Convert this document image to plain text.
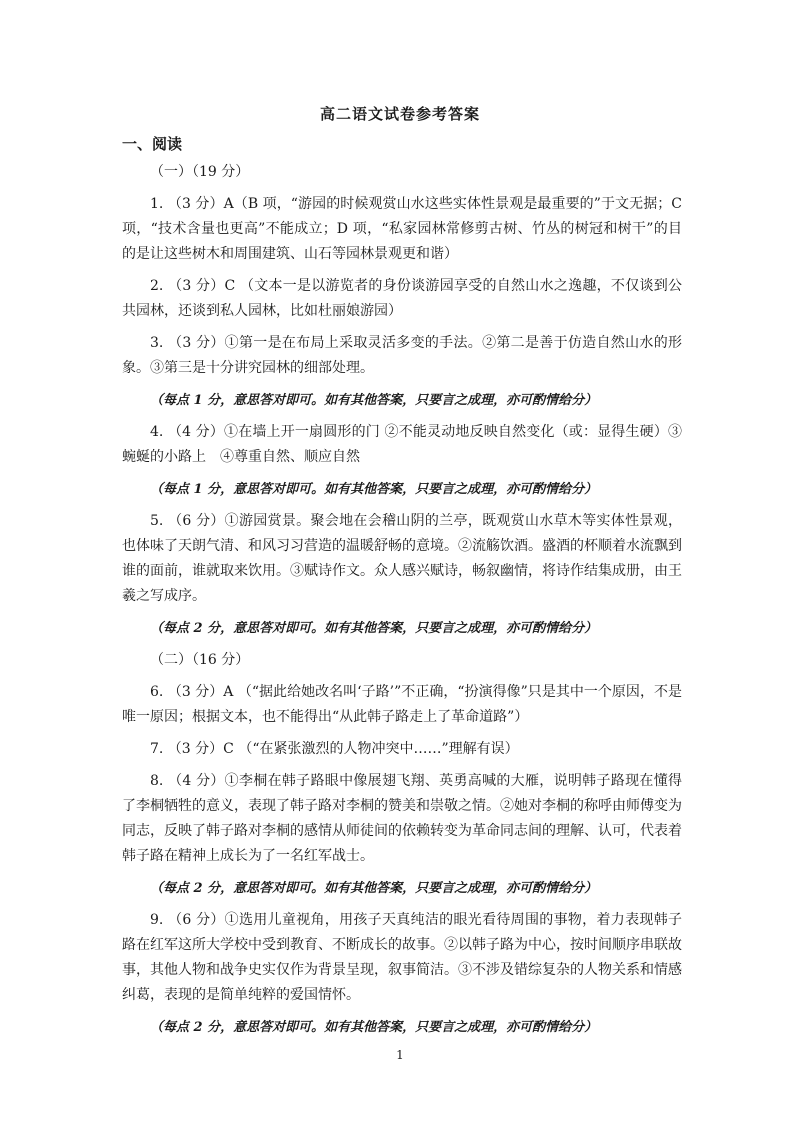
高二语文试卷参考答案
一、阅读

（一）（19 分）

1. （3 分）A（B 项，“游园的时候观赏山水这些实体性景观是最重要的”于文无据；C 项，“技术含量也更高”不能成立；D 项，“私家园林常修剪古树、竹丛的树冠和树干”的目的是让这些树木和周围建筑、山石等园林景观更和谐）

2. （3 分）C （文本一是以游览者的身份谈游园享受的自然山水之逸趣，不仅谈到公共园林，还谈到私人园林，比如杜丽娘游园）

3. （3 分）①第一是在布局上采取灵活多变的手法。②第二是善于仿造自然山水的形象。③第三是十分讲究园林的细部处理。

（每点 1 分，意思答对即可。如有其他答案，只要言之成理，亦可酌情给分）

4. （4 分）①在墙上开一扇圆形的门 ②不能灵动地反映自然变化（或：显得生硬）③蜿蜒的小路上　④尊重自然、顺应自然

（每点 1 分，意思答对即可。如有其他答案，只要言之成理，亦可酌情给分）

5. （6 分）①游园赏景。聚会地在会稽山阴的兰亭，既观赏山水草木等实体性景观，也体味了天朗气清、和风习习营造的温暖舒畅的意境。②流觞饮酒。盛酒的杯顺着水流飘到谁的面前，谁就取来饮用。③赋诗作文。众人感兴赋诗，畅叙幽情，将诗作结集成册，由王羲之写成序。

（每点 2 分，意思答对即可。如有其他答案，只要言之成理，亦可酌情给分）

（二）（16 分）

6. （3 分）A （“据此给她改名叫‘子路’”不正确，“扮演得像”只是其中一个原因，不是唯一原因；根据文本，也不能得出“从此韩子路走上了革命道路”）

7. （3 分）C （“在紧张激烈的人物冲突中……”理解有误）

8. （4 分）①李桐在韩子路眼中像展翅飞翔、英勇高喊的大雁，说明韩子路现在懂得了李桐牺牲的意义，表现了韩子路对李桐的赞美和崇敬之情。②她对李桐的称呼由师傅变为同志，反映了韩子路对李桐的感情从师徒间的依赖转变为革命同志间的理解、认可，代表着韩子路在精神上成长为了一名红军战士。

（每点 2 分，意思答对即可。如有其他答案，只要言之成理，亦可酌情给分）

9. （6 分）①选用儿童视角，用孩子天真纯洁的眼光看待周围的事物，着力表现韩子路在红军这所大学校中受到教育、不断成长的故事。②以韩子路为中心，按时间顺序串联故事，其他人物和战争史实仅作为背景呈现，叙事简洁。③不涉及错综复杂的人物关系和情感纠葛，表现的是简单纯粹的爱国情怀。

（每点 2 分，意思答对即可。如有其他答案，只要言之成理，亦可酌情给分）

1
